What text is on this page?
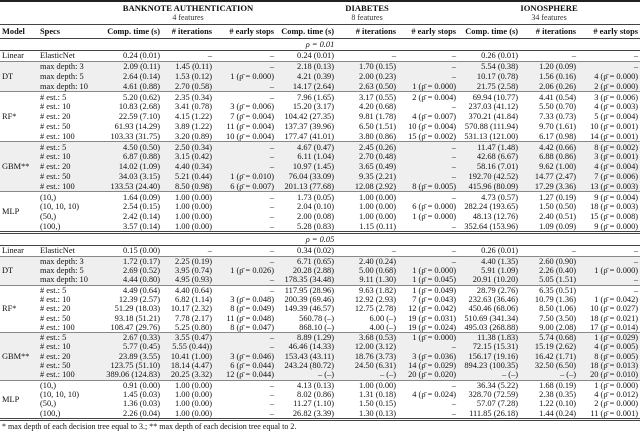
		BANKNOTE AUTHENTICATION
4 features			DIABETES
8 features			IONOSPHERE
34 features		

Model	Specs	Comp. time (s)	# iterations	# early stops	Comp. time (s)	# iterations	# early stops	Comp. time (s)	# iterations	# early stops
ρ = 0.01										
Linear	ElasticNet	0.24 (0.01)	–	–	0.24 (0.01)	–	–	0.26 (0.01)	–	–
DT	max depth: 3	2.09 (0.11)	1.45 (0.11)	–	2.18 (0.13)	1.70 (0.15)	–	5.54 (0.38)	1.20 (0.09)	–
	max depth: 5	2.64 (0.14)	1.53 (0.12)	1 (ρ̄ = 0.000)	4.21 (0.39)	2.00 (0.23)	–	10.17 (0.78)	1.56 (0.16)	4 (ρ̄ = 0.000)
	max depth: 10	4.61 (0.88)	2.70 (0.58)	–	14.17 (2.64)	2.63 (0.50)	1 (ρ̄ = 0.000)	21.75 (2.58)	2.06 (0.26)	2 (ρ̄ = 0.000)
RF*	# est.: 5	5.20 (0.62)	2.35 (0.34)	–	7.96 (1.65)	3.17 (0.55)	2 (ρ̄ = 0.004)	69.94 (10.77)	4.41 (0.54)	3 (ρ̄ = 0.006)
	# est.: 10	10.83 (2.68)	3.41 (0.78)	3 (ρ̄ = 0.006)	15.20 (3.17)	4.20 (0.68)	–	237.03 (41.12)	5.50 (0.70)	4 (ρ̄ = 0.003)
	# est.: 20	22.59 (7.10)	4.15 (1.22)	7 (ρ̄ = 0.004)	104.42 (27.35)	9.81 (1.78)	4 (ρ̄ = 0.007)	370.21 (41.84)	7.33 (0.73)	5 (ρ̄ = 0.004)
	# est.: 50	61.93 (14.29)	3.89 (1.22)	11 (ρ̄ = 0.004)	137.37 (39.96)	6.50 (1.51)	10 (ρ̄ = 0.004)	570.88 (111.94)	9.70 (1.61)	10 (ρ̄ = 0.001)
	# est.: 100	103.33 (31.75)	3.20 (0.89)	10 (ρ̄ = 0.004)	177.47 (41.01)	3.80 (0.86)	15 (ρ̄ = 0.002)	531.13 (121.00)	6.17 (0.98)	14 (ρ̄ = 0.001)
GBM**	# est.: 5	4.50 (0.50)	2.50 (0.34)	–	4.67 (0.47)	2.45 (0.26)	–	11.47 (1.48)	4.42 (0.66)	8 (ρ̄ = 0.002)
	# est.: 10	6.87 (0.88)	3.15 (0.42)	–	6.11 (1.04)	2.70 (0.48)	–	42.68 (6.67)	6.88 (0.86)	3 (ρ̄ = 0.001)
	# est.: 20	14.02 (1.09)	4.40 (0.34)	–	10.97 (1.45)	3.65 (0.49)	–	58.16 (7.01)	9.62 (1.00)	4 (ρ̄ = 0.004)
	# est.: 50	34.03 (3.15)	5.21 (0.44)	1 (ρ̄ = 0.010)	76.04 (33.09)	9.35 (2.21)	–	192.70 (42.52)	14.77 (2.47)	7 (ρ̄ = 0.006)
	# est.: 100	133.53 (24.40)	8.50 (0.98)	6 (ρ̄ = 0.007)	201.13 (77.68)	12.08 (2.92)	8 (ρ̄ = 0.005)	415.96 (80.09)	17.29 (3.36)	13 (ρ̄ = 0.003)
MLP	(10,)	1.64 (0.09)	1.00 (0.00)	–	1.73 (0.05)	1.00 (0.00)	–	4.73 (0.57)	1.27 (0.19)	9 (ρ̄ = 0.004)
	(10, 10, 10)	2.54 (0.15)	1.00 (0.00)	–	2.04 (0.10)	1.00 (0.00)	6 (ρ̄ = 0.000)	282.24 (193.65)	1.50 (0.50)	18 (ρ̄ = 0.003)
	(50,)	2.42 (0.14)	1.00 (0.00)	–	2.00 (0.08)	1.00 (0.00)	1 (ρ̄ = 0.000)	48.13 (12.76)	2.40 (0.51)	15 (ρ̄ = 0.008)
	(100,)	3.57 (0.14)	1.00 (0.00)	–	5.28 (0.83)	1.15 (0.11)	–	352.64 (153.96)	1.09 (0.09)	9 (ρ̄ = 0.000)
ρ = 0.05										
Linear	ElasticNet	0.15 (0.00)	–	–	0.34 (0.02)	–	–	0.26 (0.01)	–	–
DT	max depth: 3	1.72 (0.17)	2.25 (0.19)	–	6.71 (0.65)	2.40 (0.24)	–	4.40 (1.35)	2.60 (0.90)	–
	max depth: 5	2.69 (0.52)	3.95 (0.74)	1 (ρ̄ = 0.026)	20.28 (2.88)	5.00 (0.68)	1 (ρ̄ = 0.000)	5.91 (1.09)	2.26 (0.40)	1 (ρ̄ = 0.000)
	max depth: 10	4.44 (0.80)	4.95 (0.93)	–	178.35 (34.48)	9.11 (1.30)	1 (ρ̄ = 0.045)	20.91 (10.20)	5.05 (1.51)	–
RF*	# est.: 5	4.49 (0.64)	4.40 (0.64)	–	117.95 (28.96)	9.63 (1.82)	1 (ρ̄ = 0.049)	28.79 (2.76)	6.35 (0.51)	–
	# est.: 10	12.39 (2.57)	6.82 (1.14)	3 (ρ̄ = 0.048)	200.39 (69.46)	12.92 (2.93)	7 (ρ̄ = 0.043)	232.63 (36.46)	10.79 (1.36)	1 (ρ̄ = 0.042)
	# est.: 20	51.29 (18.03)	10.17 (2.32)	8 (ρ̄ = 0.049)	149.39 (46.57)	12.75 (2.78)	12 (ρ̄ = 0.042)	450.46 (68.06)	8.50 (1.06)	10 (ρ̄ = 0.027)
	# est.: 50	93.18 (51.21)	7.78 (2.17)	11 (ρ̄ = 0.048)	560.78 (–)	6.00 (–)	19 (ρ̄ = 0.031)	510.69 (341.34)	7.50 (3.50)	18 (ρ̄ = 0.021)
	# est.: 100	108.47 (29.76)	5.25 (0.80)	8 (ρ̄ = 0.047)	868.10 (–)	4.00 (–)	19 (ρ̄ = 0.024)	495.03 (268.88)	9.00 (2.08)	17 (ρ̄ = 0.014)
GBM**	# est.: 5	2.67 (0.33)	3.55 (0.47)	–	8.89 (1.29)	3.68 (0.53)	1 (ρ̄ = 0.000)	11.38 (1.83)	5.74 (0.68)	1 (ρ̄ = 0.029)
	# est.: 10	5.77 (0.45)	5.55 (0.44))	–	46.46 (14.33)	12.00 (3.12)	–	72.15 (15.31)	15.19 (2.62)	4 (ρ̄ = 0.005)
	# est.: 20	23.89 (3.55)	10.41 (1.00)	3 (ρ̄ = 0.046)	153.43 (43.11)	18.76 (3.73)	3 (ρ̄ = 0.036)	156.17 (19.16)	16.42 (1.71)	8 (ρ̄ = 0.005)
	# est.: 50	123.75 (51.10)	18.14 (4.47)	6 (ρ̄ = 0.044)	243.24 (80.72)	24.50 (6.31)	14 (ρ̄ = 0.029)	894.23 (100.35)	32.50 (6.50)	18 (ρ̄ = 0.013)
	# est.: 100	389.06 (124.83)	20.25 (3.32)	12 (ρ̄ = 0.044)	– (–)	– (–)	20 (ρ̄ = 0.020)	– (–)	– (–)	20 (ρ̄ = 0.010)
MLP	(10,)	0.91 (0.00)	1.00 (0.00)	–	4.13 (0.13)	1.00 (0.00)	–	36.34 (5.22)	1.68 (0.19)	1 (ρ̄ = 0.000)
	(10, 10, 10)	1.45 (0.03)	1.00 (0.00)	–	8.02 (0.86)	1.31 (0.18)	4 (ρ̄ = 0.024)	328.70 (72.59)	2.38 (0.35)	4 (ρ̄ = 0.012)
	(50,)	1.36 (0.03)	1.00 (0.00)	–	11.27 (1.10)	1.50 (0.15)	–	57.07 (7.28)	1.22 (0.10)	2 (ρ̄ = 0.000)
	(100,)	2.26 (0.04)	1.00 (0.00)	–	26.82 (3.39)	1.30 (0.13)	–	111.85 (26.18)	1.44 (0.24)	11 (ρ̄ = 0.001)
* max depth of each decision tree equal to 3.; ** max depth of each decision tree equal to 2.										
